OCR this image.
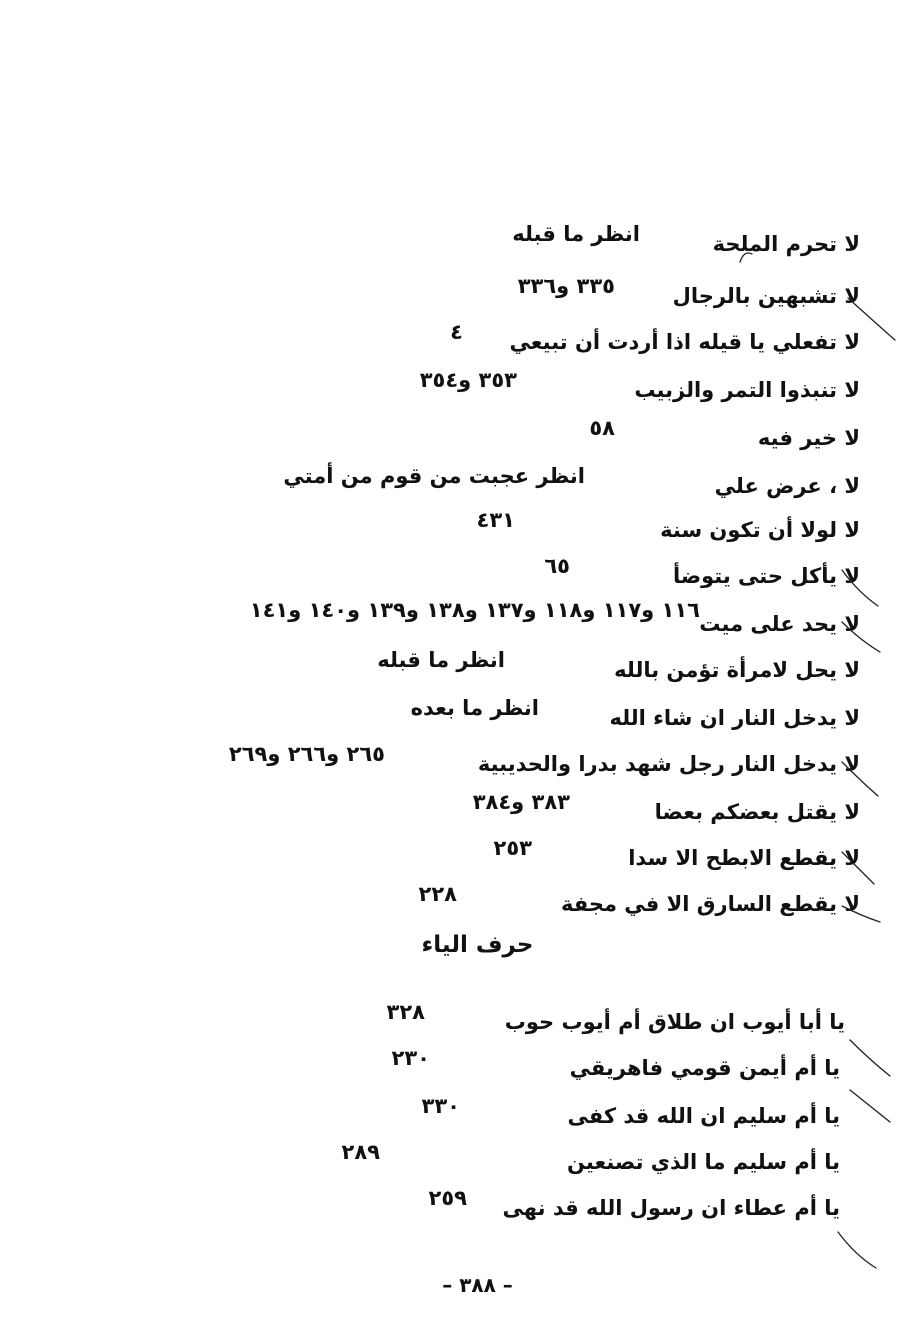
لا تحرم الملحة
انظر ما قبله
لا تشبهين بالرجال
٣٣٥ و٣٣٦
لا تفعلي يا قيله اذا أردت أن تبيعي
٤
لا تنبذوا التمر والزبيب
٣٥٣ و٣٥٤
لا خير فيه
٥٨
لا ، عرض علي
انظر عجبت من قوم من أمتي
لا لولا أن تكون سنة
٤٣١
لا يأكل حتى يتوضأ
٦٥
لا يحد على ميت
١١٦ و١١٧ و١١٨ و١٣٧ و١٣٨ و١٣٩ و١٤٠ و١٤١
لا يحل لامرأة تؤمن بالله
انظر ما قبله
لا يدخل النار ان شاء الله
انظر ما بعده
لا يدخل النار رجل شهد بدرا والحديبية
٢٦٥ و٢٦٦ و٢٦٩
لا يقتل بعضكم بعضا
٣٨٣ و٣٨٤
لا يقطع الابطح الا سدا
٢٥٣
لا يقطع السارق الا في مجفة
٢٢٨
حرف الياء
يا أبا أيوب ان طلاق أم أيوب حوب
٣٢٨
يا أم أيمن قومي فاهريقي
٢٣٠
يا أم سليم ان الله قد كفى
٣٣٠
يا أم سليم ما الذي تصنعين
٢٨٩
يا أم عطاء ان رسول الله قد نهى
٢٥٩
– ٣٨٨ –
